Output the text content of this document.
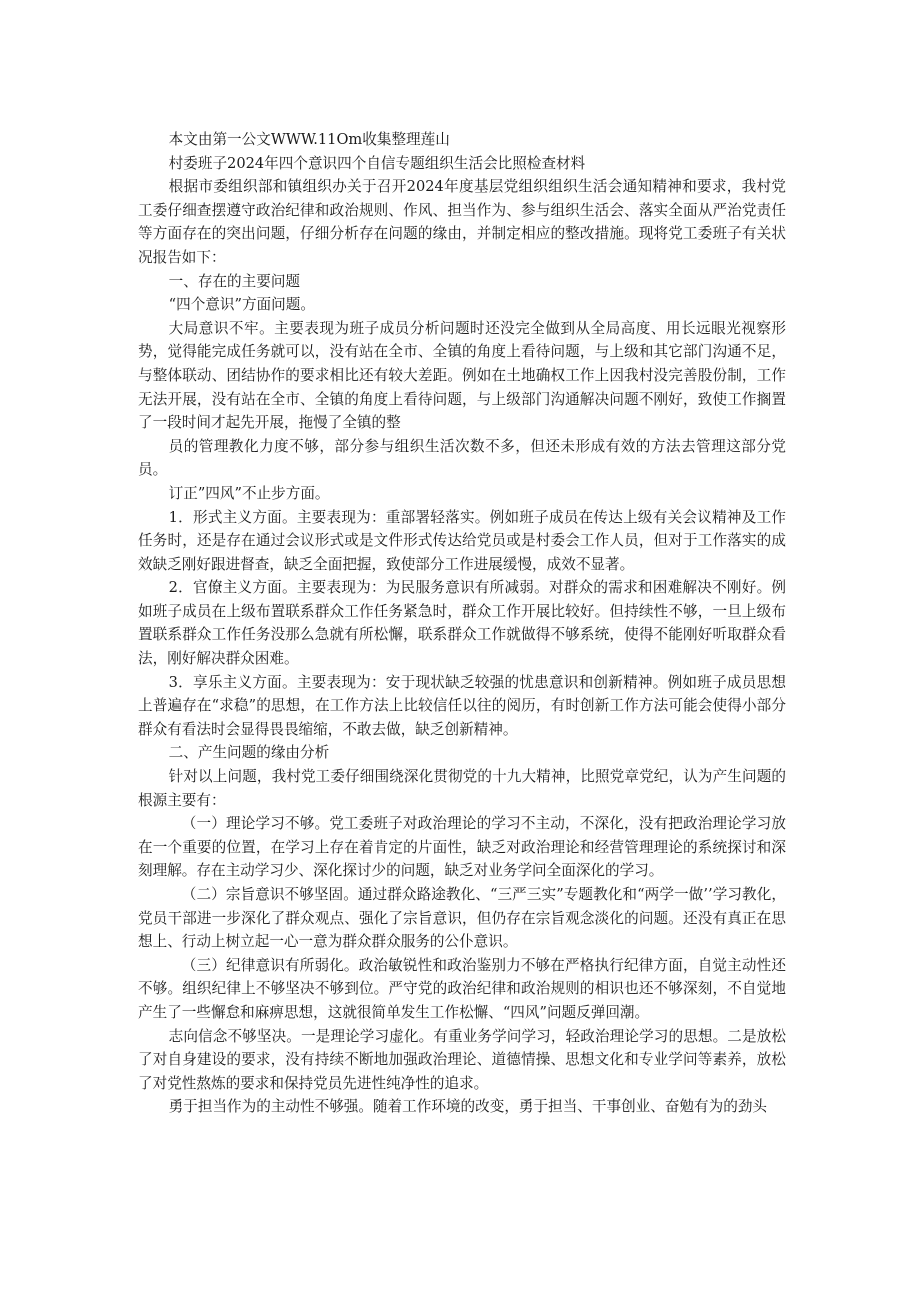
本文由第一公文WWW.11Om收集整理莲山

村委班子2024年四个意识四个自信专题组织生活会比照检查材料

根据市委组织部和镇组织办关于召开2024年度基层党组织组织生活会通知精神和要求，我村党工委仔细查摆遵守政治纪律和政治规则、作风、担当作为、参与组织生活会、落实全面从严治党责任等方面存在的突出问题，仔细分析存在问题的缘由，并制定相应的整改措施。现将党工委班子有关状况报告如下：

一、存在的主要问题

“四个意识”方面问题。

大局意识不牢。主要表现为班子成员分析问题时还没完全做到从全局高度、用长远眼光视察形势，觉得能完成任务就可以，没有站在全市、全镇的角度上看待问题，与上级和其它部门沟通不足，与整体联动、团结协作的要求相比还有较大差距。例如在土地确权工作上因我村没完善股份制，工作无法开展，没有站在全市、全镇的角度上看待问题，与上级部门沟通解决问题不刚好，致使工作搁置了一段时间才起先开展，拖慢了全镇的整

员的管理教化力度不够，部分参与组织生活次数不多，但还未形成有效的方法去管理这部分党员。

订正”四风”不止步方面。

1．形式主义方面。主要表现为：重部署轻落实。例如班子成员在传达上级有关会议精神及工作任务时，还是存在通过会议形式或是文件形式传达给党员或是村委会工作人员，但对于工作落实的成效缺乏刚好跟进督查，缺乏全面把握，致使部分工作进展缓慢，成效不显著。

2．官僚主义方面。主要表现为：为民服务意识有所减弱。对群众的需求和困难解决不刚好。例如班子成员在上级布置联系群众工作任务紧急时，群众工作开展比较好。但持续性不够，一旦上级布置联系群众工作任务没那么急就有所松懈，联系群众工作就做得不够系统，使得不能刚好听取群众看法，刚好解决群众困难。

3．享乐主义方面。主要表现为：安于现状缺乏较强的忧患意识和创新精神。例如班子成员思想上普遍存在“求稳”的思想，在工作方法上比较信任以往的阅历，有时创新工作方法可能会使得小部分群众有看法时会显得畏畏缩缩，不敢去做，缺乏创新精神。

二、产生问题的缘由分析

针对以上问题，我村党工委仔细围绕深化贯彻党的十九大精神，比照党章党纪，认为产生问题的根源主要有：

（一）理论学习不够。党工委班子对政治理论的学习不主动，不深化，没有把政治理论学习放在一个重要的位置，在学习上存在着肯定的片面性，缺乏对政治理论和经营管理理论的系统探讨和深刻理解。存在主动学习少、深化探讨少的问题，缺乏对业务学问全面深化的学习。

（二）宗旨意识不够坚固。通过群众路途教化、“三严三实”专题教化和“两学一做’’学习教化，党员干部进一步深化了群众观点、强化了宗旨意识，但仍存在宗旨观念淡化的问题。还没有真正在思想上、行动上树立起一心一意为群众群众服务的公仆意识。

（三）纪律意识有所弱化。政治敏锐性和政治鉴别力不够在严格执行纪律方面，自觉主动性还不够。组织纪律上不够坚决不够到位。严守党的政治纪律和政治规则的相识也还不够深刻，不自觉地产生了一些懈怠和麻痹思想，这就很简单发生工作松懈、“四风”问题反弹回潮。

志向信念不够坚决。一是理论学习虚化。有重业务学问学习，轻政治理论学习的思想。二是放松了对自身建设的要求，没有持续不断地加强政治理论、道德情操、思想文化和专业学问等素养，放松了对党性熬炼的要求和保持党员先进性纯净性的追求。

勇于担当作为的主动性不够强。随着工作环境的改变，勇于担当、干事创业、奋勉有为的劲头
